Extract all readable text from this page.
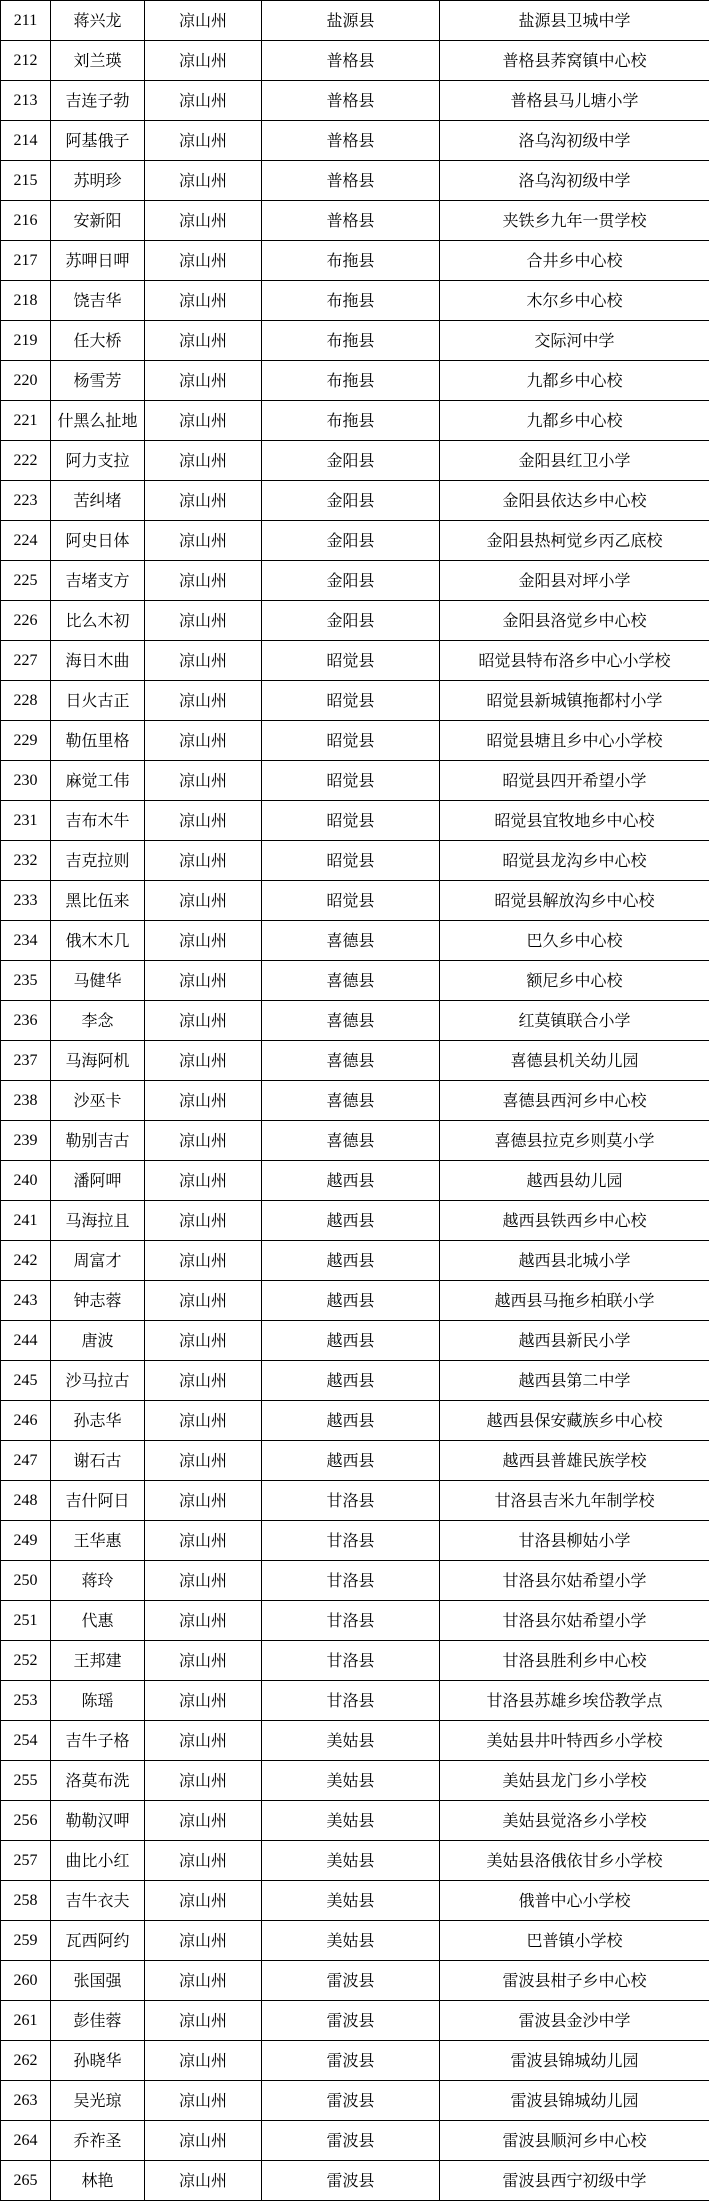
211	蒋兴龙	凉山州	盐源县	盐源县卫城中学
212	刘兰瑛	凉山州	普格县	普格县荞窝镇中心校
213	吉连子勃	凉山州	普格县	普格县马儿塘小学
214	阿基俄子	凉山州	普格县	洛乌沟初级中学
215	苏明珍	凉山州	普格县	洛乌沟初级中学
216	安新阳	凉山州	普格县	夹铁乡九年一贯学校
217	苏呷日呷	凉山州	布拖县	合井乡中心校
218	饶吉华	凉山州	布拖县	木尔乡中心校
219	任大桥	凉山州	布拖县	交际河中学
220	杨雪芳	凉山州	布拖县	九都乡中心校
221	什黑么扯地	凉山州	布拖县	九都乡中心校
222	阿力支拉	凉山州	金阳县	金阳县红卫小学
223	苦纠堵	凉山州	金阳县	金阳县依达乡中心校
224	阿史日体	凉山州	金阳县	金阳县热柯觉乡丙乙底校
225	吉堵支方	凉山州	金阳县	金阳县对坪小学
226	比么木初	凉山州	金阳县	金阳县洛觉乡中心校
227	海日木曲	凉山州	昭觉县	昭觉县特布洛乡中心小学校
228	日火古正	凉山州	昭觉县	昭觉县新城镇拖都村小学
229	勒伍里格	凉山州	昭觉县	昭觉县塘且乡中心小学校
230	麻觉工伟	凉山州	昭觉县	昭觉县四开希望小学
231	吉布木牛	凉山州	昭觉县	昭觉县宜牧地乡中心校
232	吉克拉则	凉山州	昭觉县	昭觉县龙沟乡中心校
233	黑比伍来	凉山州	昭觉县	昭觉县解放沟乡中心校
234	俄木木几	凉山州	喜德县	巴久乡中心校
235	马健华	凉山州	喜德县	额尼乡中心校
236	李念	凉山州	喜德县	红莫镇联合小学
237	马海阿机	凉山州	喜德县	喜德县机关幼儿园
238	沙巫卡	凉山州	喜德县	喜德县西河乡中心校
239	勒别吉古	凉山州	喜德县	喜德县拉克乡则莫小学
240	潘阿呷	凉山州	越西县	越西县幼儿园
241	马海拉且	凉山州	越西县	越西县铁西乡中心校
242	周富才	凉山州	越西县	越西县北城小学
243	钟志蓉	凉山州	越西县	越西县马拖乡柏联小学
244	唐波	凉山州	越西县	越西县新民小学
245	沙马拉古	凉山州	越西县	越西县第二中学
246	孙志华	凉山州	越西县	越西县保安藏族乡中心校
247	谢石古	凉山州	越西县	越西县普雄民族学校
248	吉什阿日	凉山州	甘洛县	甘洛县吉米九年制学校
249	王华惠	凉山州	甘洛县	甘洛县柳姑小学
250	蒋玲	凉山州	甘洛县	甘洛县尔姑希望小学
251	代惠	凉山州	甘洛县	甘洛县尔姑希望小学
252	王邦建	凉山州	甘洛县	甘洛县胜利乡中心校
253	陈瑶	凉山州	甘洛县	甘洛县苏雄乡埃岱教学点
254	吉牛子格	凉山州	美姑县	美姑县井叶特西乡小学校
255	洛莫布洗	凉山州	美姑县	美姑县龙门乡小学校
256	勒勒汉呷	凉山州	美姑县	美姑县觉洛乡小学校
257	曲比小红	凉山州	美姑县	美姑县洛俄依甘乡小学校
258	吉牛衣夫	凉山州	美姑县	俄普中心小学校
259	瓦西阿约	凉山州	美姑县	巴普镇小学校
260	张国强	凉山州	雷波县	雷波县柑子乡中心校
261	彭佳蓉	凉山州	雷波县	雷波县金沙中学
262	孙晓华	凉山州	雷波县	雷波县锦城幼儿园
263	吴光琼	凉山州	雷波县	雷波县锦城幼儿园
264	乔祚圣	凉山州	雷波县	雷波县顺河乡中心校
265	林艳	凉山州	雷波县	雷波县西宁初级中学
